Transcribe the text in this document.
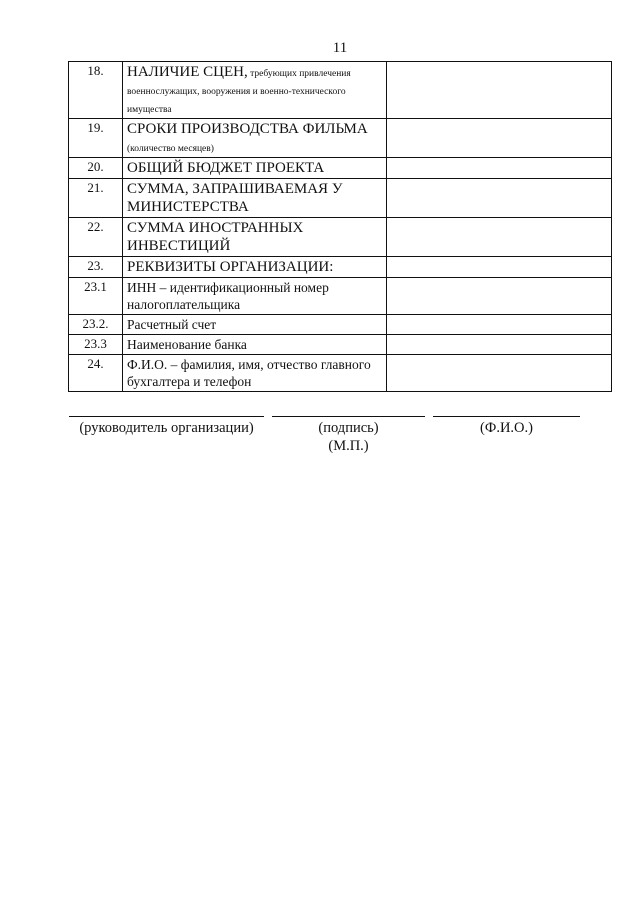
11
18.	НАЛИЧИЕ СЦЕН, требующих привлечения военнослужащих, вооружения и военно-технического имущества	
19.	СРОКИ ПРОИЗВОДСТВА ФИЛЬМА (количество месяцев)	
20.	ОБЩИЙ БЮДЖЕТ ПРОЕКТА	
21.	СУММА, ЗАПРАШИВАЕМАЯ У МИНИСТЕРСТВА	
22.	СУММА ИНОСТРАННЫХ ИНВЕСТИЦИЙ	
23.	РЕКВИЗИТЫ ОРГАНИЗАЦИИ:	
23.1	ИНН – идентификационный номер налогоплательщика	
23.2.	Расчетный счет	
23.3	Наименование банка	
24.	Ф.И.О. – фамилия, имя, отчество главного бухгалтера и телефон	
(руководитель организации)	(подпись)
(М.П.)
(Ф.И.О.)
